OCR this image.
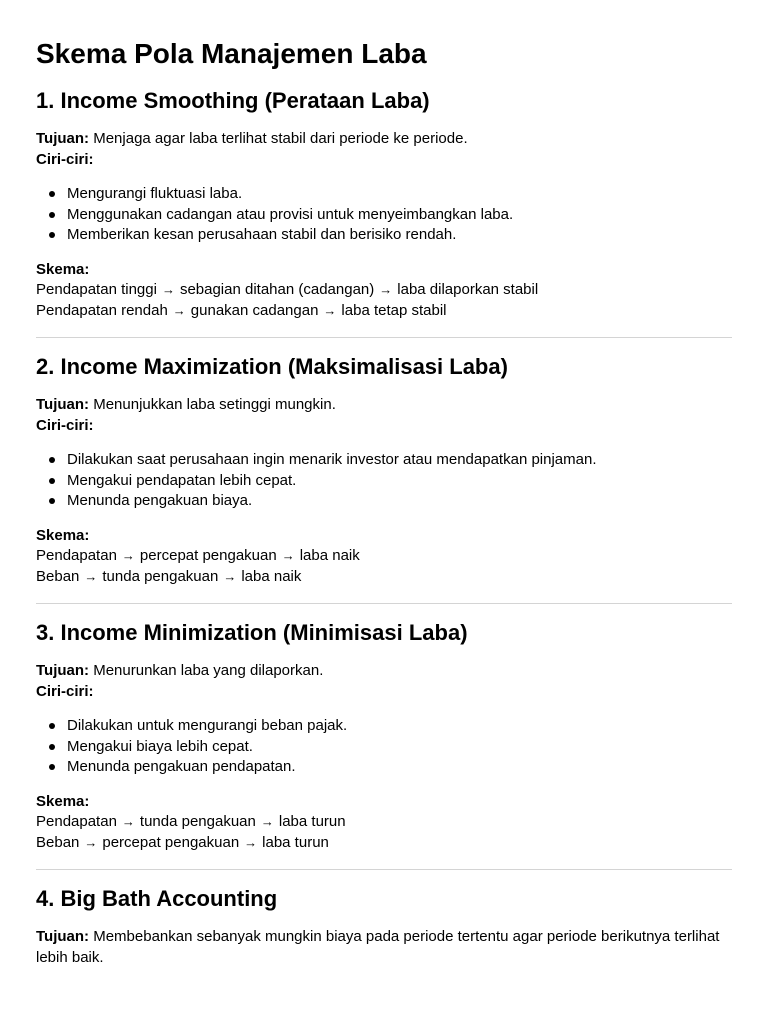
Skema Pola Manajemen Laba
1. Income Smoothing (Perataan Laba)

Tujuan: Menjaga agar laba terlihat stabil dari periode ke periode.

Ciri-ciri:

Mengurangi fluktuasi laba.
Menggunakan cadangan atau provisi untuk menyeimbangkan laba.
Memberikan kesan perusahaan stabil dan berisiko rendah.

Skema:

Pendapatan tinggi → sebagian ditahan (cadangan) → laba dilaporkan stabil

Pendapatan rendah → gunakan cadangan → laba tetap stabil

2. Income Maximization (Maksimalisasi Laba)

Tujuan: Menunjukkan laba setinggi mungkin.

Ciri-ciri:

Dilakukan saat perusahaan ingin menarik investor atau mendapatkan pinjaman.
Mengakui pendapatan lebih cepat.
Menunda pengakuan biaya.

Skema:

Pendapatan → percepat pengakuan → laba naik

Beban → tunda pengakuan → laba naik

3. Income Minimization (Minimisasi Laba)

Tujuan: Menurunkan laba yang dilaporkan.

Ciri-ciri:

Dilakukan untuk mengurangi beban pajak.
Mengakui biaya lebih cepat.
Menunda pengakuan pendapatan.

Skema:

Pendapatan → tunda pengakuan → laba turun

Beban → percepat pengakuan → laba turun

4. Big Bath Accounting

Tujuan: Membebankan sebanyak mungkin biaya pada periode tertentu agar periode berikutnya terlihat lebih baik.
